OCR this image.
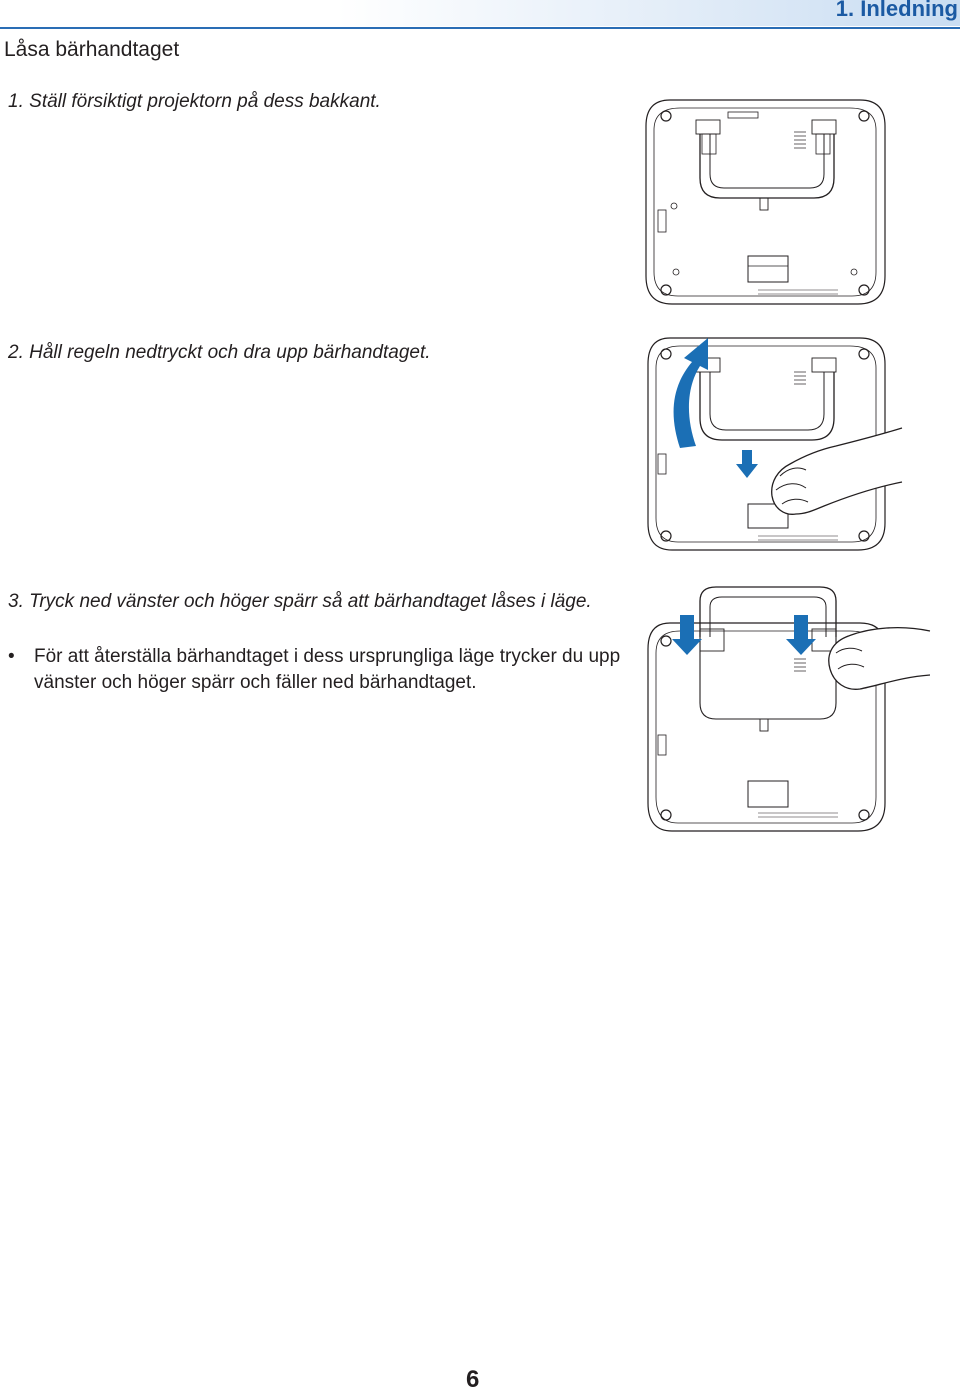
1. Inledning
Låsa bärhandtaget

1. Ställ försiktigt projektorn på dess bakkant.

2. Håll regeln nedtryckt och dra upp bärhandtaget.

3. Tryck ned vänster och höger spärr så att bärhandtaget låses i läge.

• För att återställa bärhandtaget i dess ursprungliga läge trycker du upp vänster och höger spärr och fäller ned bärhandtaget.

6
